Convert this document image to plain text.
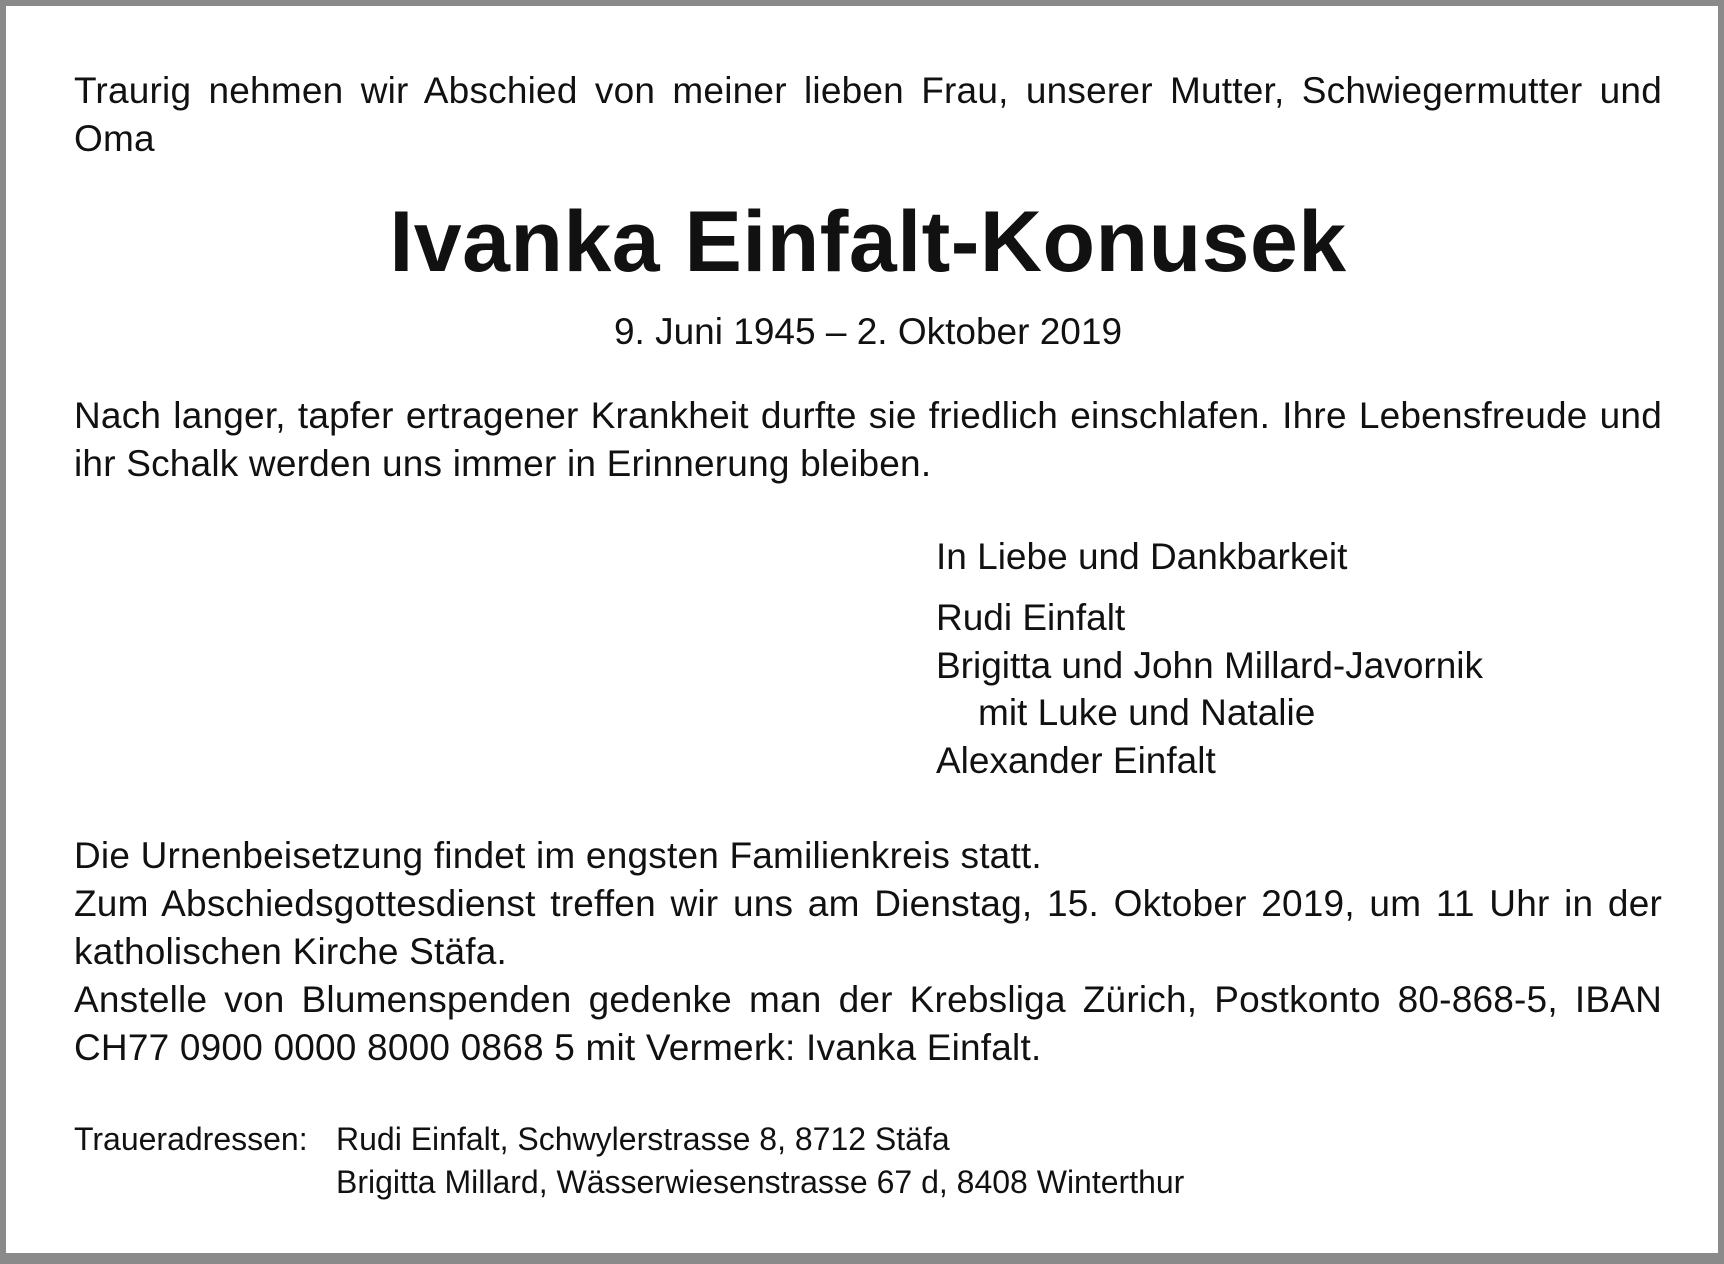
Traurig nehmen wir Abschied von meiner lieben Frau, unserer Mutter, Schwiegermutter und Oma

Ivanka Einfalt-Konusek
9. Juni 1945 – 2. Oktober 2019

Nach langer, tapfer ertragener Krankheit durfte sie friedlich einschlafen. Ihre Lebensfreude und ihr Schalk werden uns immer in Erinnerung bleiben.

In Liebe und Dankbarkeit
Rudi Einfalt
Brigitta und John Millard-Javornik
mit Luke und Natalie
Alexander Einfalt
Die Urnenbeisetzung findet im engsten Familienkreis statt.
Zum Abschiedsgottesdienst treffen wir uns am Dienstag, 15. Oktober 2019, um 11 Uhr in der katholischen Kirche Stäfa.
Anstelle von Blumenspenden gedenke man der Krebsliga Zürich, Postkonto 80-868-5, IBAN CH77 0900 0000 8000 0868 5 mit Vermerk: Ivanka Einfalt.
Traueradressen: Rudi Einfalt, Schwylerstrasse 8, 8712 Stäfa
Brigitta Millard, Wässerwiesenstrasse 67 d, 8408 Winterthur
